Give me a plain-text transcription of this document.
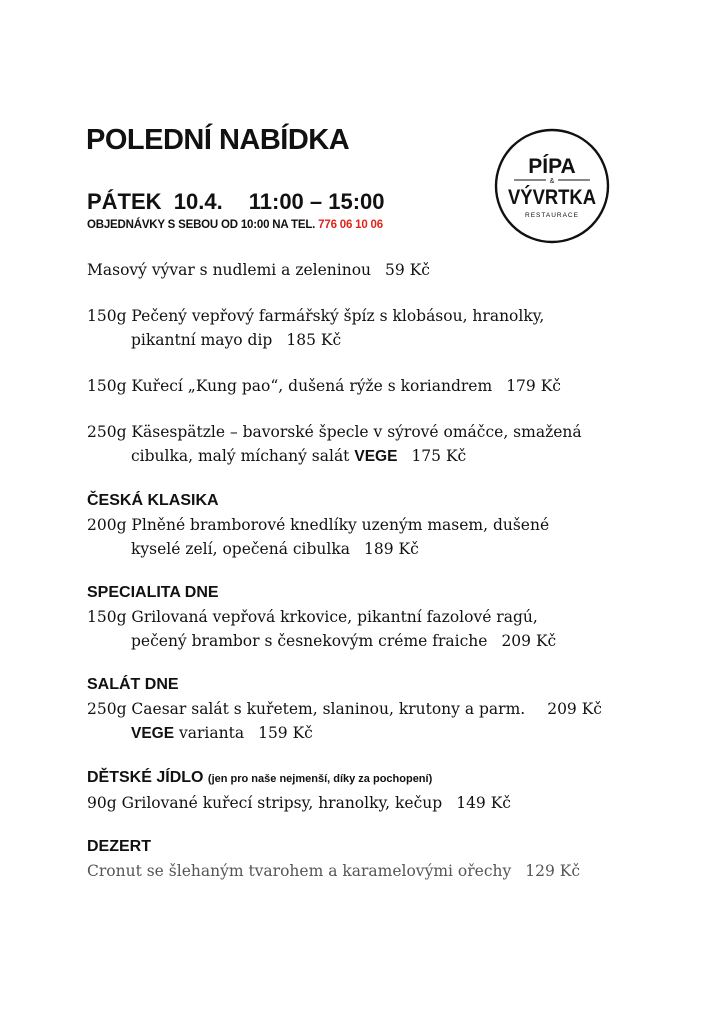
POLEDNÍ NABÍDKA

PÁTEK 10.4. 11:00 – 15:00

OBJEDNÁVKY S SEBOU OD 10:00 NA TEL. 776 06 10 06

PÍPA
&
VÝVRTKA
RESTAURACE

Masový vývar s nudlemi a zeleninou 59 Kč

150g Pečený vepřový farmářský špíz s klobásou, hranolky,

pikantní mayo dip 185 Kč

150g Kuřecí „Kung pao“, dušená rýže s koriandrem 179 Kč

250g Käsespätzle – bavorské špecle v sýrové omáčce, smažená

cibulka, malý míchaný salát VEGE 175 Kč

ČESKÁ KLASIKA

200g Plněné bramborové knedlíky uzeným masem, dušené

kyselé zelí, opečená cibulka 189 Kč

SPECIALITA DNE

150g Grilovaná vepřová krkovice, pikantní fazolové ragú,

pečený brambor s česnekovým créme fraiche 209 Kč

SALÁT DNE

250g Caesar salát s kuřetem, slaninou, krutony a parm. 209 Kč

VEGE varianta 159 Kč

DĚTSKÉ JÍDLO (jen pro naše nejmenší, díky za pochopení)

90g Grilované kuřecí stripsy, hranolky, kečup 149 Kč

DEZERT

Cronut se šlehaným tvarohem a karamelovými ořechy 129 Kč
